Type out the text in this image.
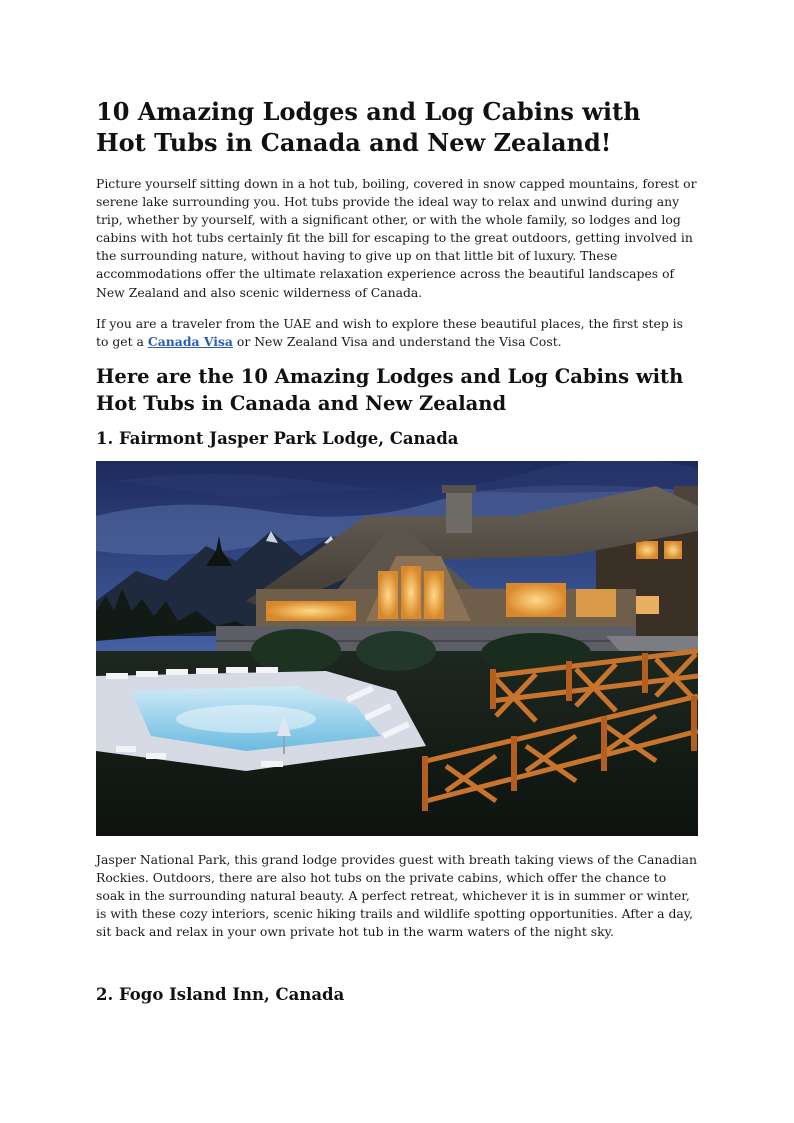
10 Amazing Lodges and Log Cabins with Hot Tubs in Canada and New Zealand!

Picture yourself sitting down in a hot tub, boiling, covered in snow capped mountains, forest or serene lake surrounding you. Hot tubs provide the ideal way to relax and unwind during any trip, whether by yourself, with a significant other, or with the whole family, so lodges and log cabins with hot tubs certainly fit the bill for escaping to the great outdoors, getting involved in the surrounding nature, without having to give up on that little bit of luxury. These accommodations offer the ultimate relaxation experience across the beautiful landscapes of New Zealand and also scenic wilderness of Canada.

If you are a traveler from the UAE and wish to explore these beautiful places, the first step is to get a Canada Visa or New Zealand Visa and understand the Visa Cost.

Here are the 10 Amazing Lodges and Log Cabins with Hot Tubs in Canada and New Zealand
1. Fairmont Jasper Park Lodge, Canada

Jasper National Park, this grand lodge provides guest with breath taking views of the Canadian Rockies. Outdoors, there are also hot tubs on the private cabins, which offer the chance to soak in the surrounding natural beauty. A perfect retreat, whichever it is in summer or winter, is with these cozy interiors, scenic hiking trails and wildlife spotting opportunities. After a day, sit back and relax in your own private hot tub in the warm waters of the night sky.

2. Fogo Island Inn, Canada
